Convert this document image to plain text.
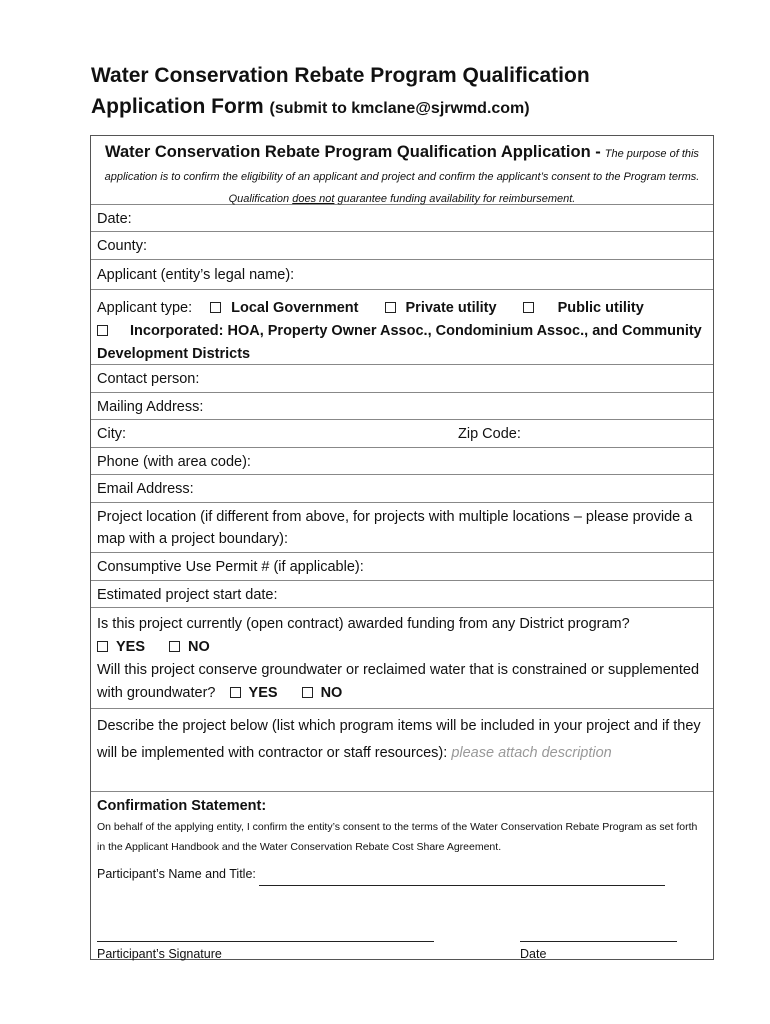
Water Conservation Rebate Program Qualification
Application Form (submit to kmclane@sjrwmd.com)
Water Conservation Rebate Program Qualification Application - The purpose of this application is to confirm the eligibility of an applicant and project and confirm the applicant’s consent to the Program terms. Qualification does not guarantee funding availability for reimbursement.
Date:
County:
Applicant (entity’s legal name):
Applicant type:	Local Government	Private utility	Public utility
Incorporated: HOA, Property Owner Assoc., Condominium Assoc., and Community Development Districts
Contact person:
Mailing Address:
City:	Zip Code:
Phone (with area code):
Email Address:
Project location (if different from above, for projects with multiple locations – please provide a map with a project boundary):
Consumptive Use Permit # (if applicable):
Estimated project start date:
Is this project currently (open contract) awarded funding from any District program?
YES	NO
Will this project conserve groundwater or reclaimed water that is constrained or supplemented with groundwater? YES	NO
Describe the project below (list which program items will be included in your project and if they will be implemented with contractor or staff resources): please attach description
Confirmation Statement:
On behalf of the applying entity, I confirm the entity’s consent to the terms of the Water Conservation Rebate Program as set forth in the Applicant Handbook and the Water Conservation Rebate Cost Share Agreement.
Participant’s Name and Title:

Participant’s Signature	Date
